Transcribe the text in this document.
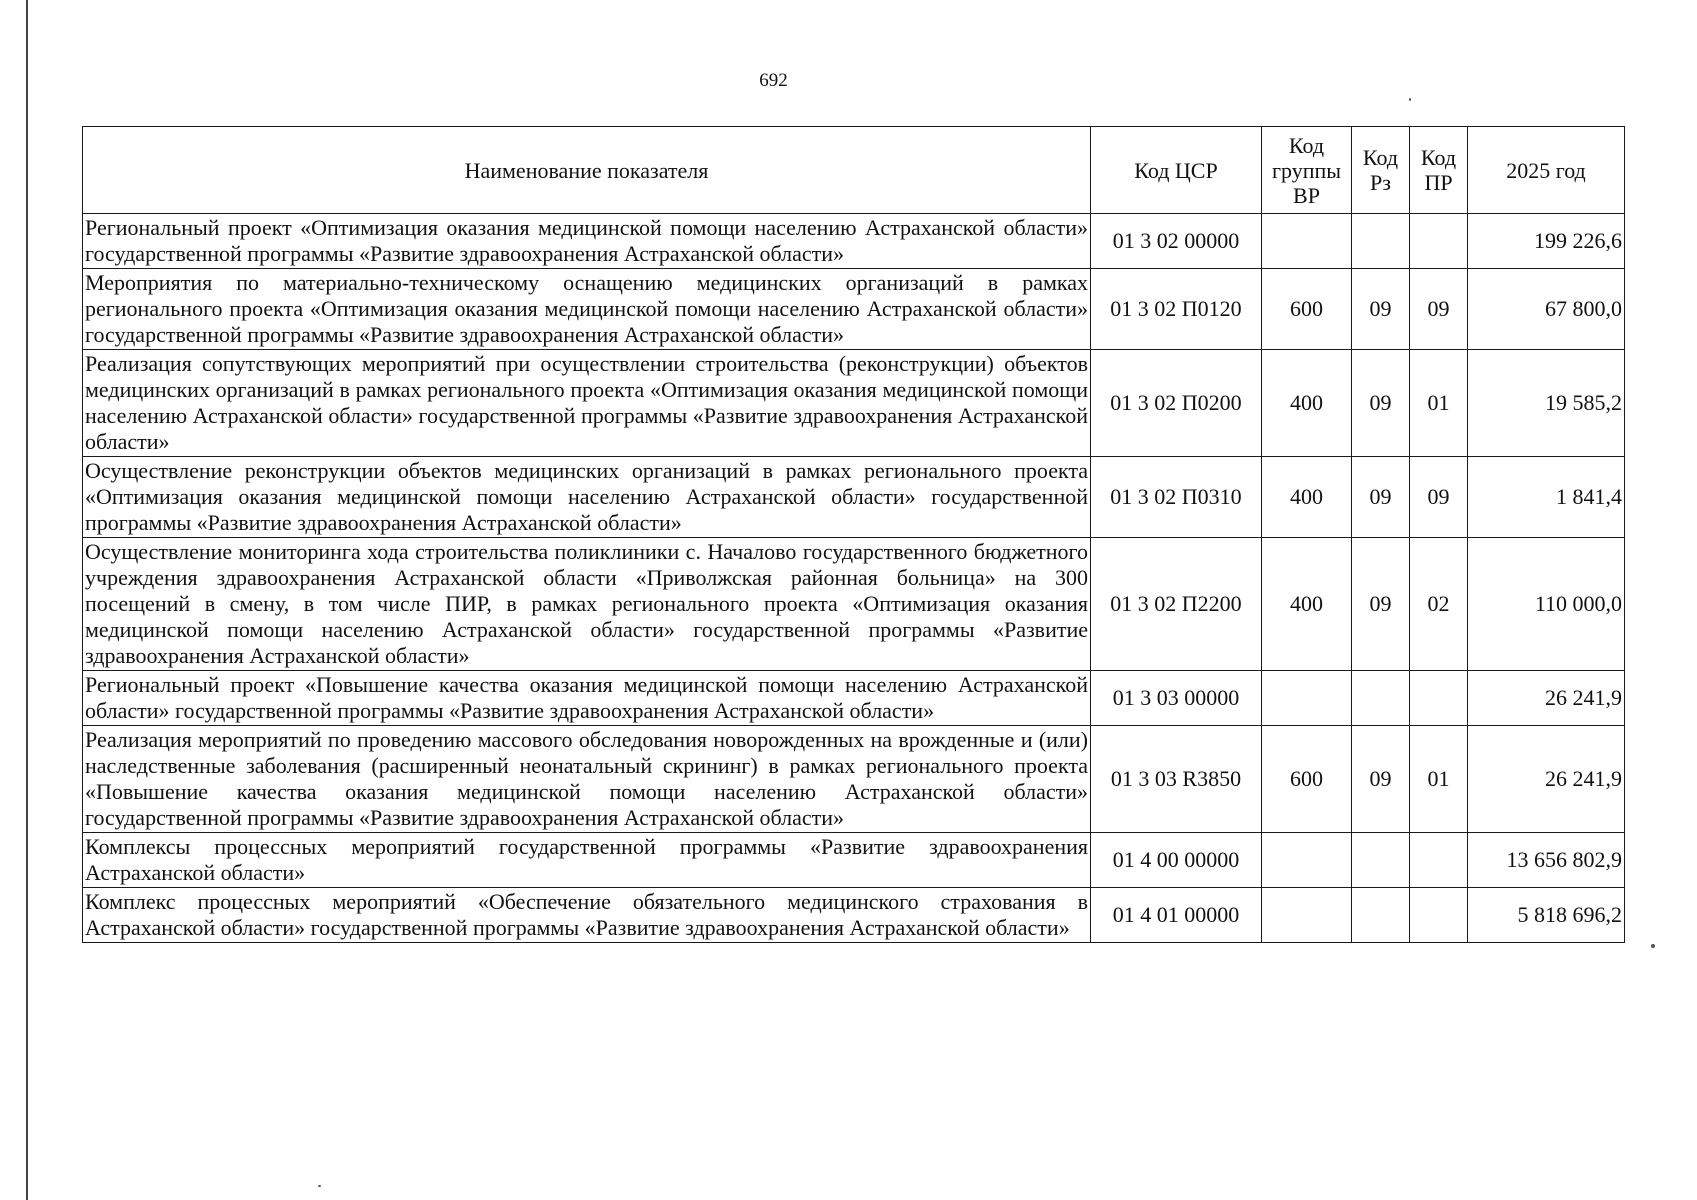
692
Наименование показателя	Код ЦСР	Код группы ВР	Код Рз	Код ПР	2025 год
Региональный проект «Оптимизация оказания медицинской помощи населению Астраханской области» государственной программы «Развитие здравоохранения Астраханской области»	01 3 02 00000				199 226,6
Мероприятия по материально-техническому оснащению медицинских организаций в рамках регионального проекта «Оптимизация оказания медицинской помощи населению Астраханской области» государственной программы «Развитие здравоохранения Астраханской области»	01 3 02 П0120	600	09	09	67 800,0
Реализация сопутствующих мероприятий при осуществлении строительства (реконструкции) объектов медицинских организаций в рамках регионального проекта «Оптимизация оказания медицинской помощи населению Астраханской области» государственной программы «Развитие здравоохранения Астраханской области»	01 3 02 П0200	400	09	01	19 585,2
Осуществление реконструкции объектов медицинских организаций в рамках регионального проекта «Оптимизация оказания медицинской помощи населению Астраханской области» государственной программы «Развитие здравоохранения Астраханской области»	01 3 02 П0310	400	09	09	1 841,4
Осуществление мониторинга хода строительства поликлиники с. Началово государственного бюджетного учреждения здравоохранения Астраханской области «Приволжская районная больница» на 300 посещений в смену, в том числе ПИР, в рамках регионального проекта «Оптимизация оказания медицинской помощи населению Астраханской области» государственной программы «Развитие здравоохранения Астраханской области»	01 3 02 П2200	400	09	02	110 000,0
Региональный проект «Повышение качества оказания медицинской помощи населению Астраханской области» государственной программы «Развитие здравоохранения Астраханской области»	01 3 03 00000				26 241,9
Реализация мероприятий по проведению массового обследования новорожденных на врожденные и (или) наследственные заболевания (расширенный неонатальный скрининг) в рамках регионального проекта «Повышение качества оказания медицинской помощи населению Астраханской области» государственной программы «Развитие здравоохранения Астраханской области»	01 3 03 R3850	600	09	01	26 241,9
Комплексы процессных мероприятий государственной программы «Развитие здравоохранения Астраханской области»	01 4 00 00000				13 656 802,9
Комплекс процессных мероприятий «Обеспечение обязательного медицинского страхования в Астраханской области» государственной программы «Развитие здравоохранения Астраханской области»	01 4 01 00000				5 818 696,2
